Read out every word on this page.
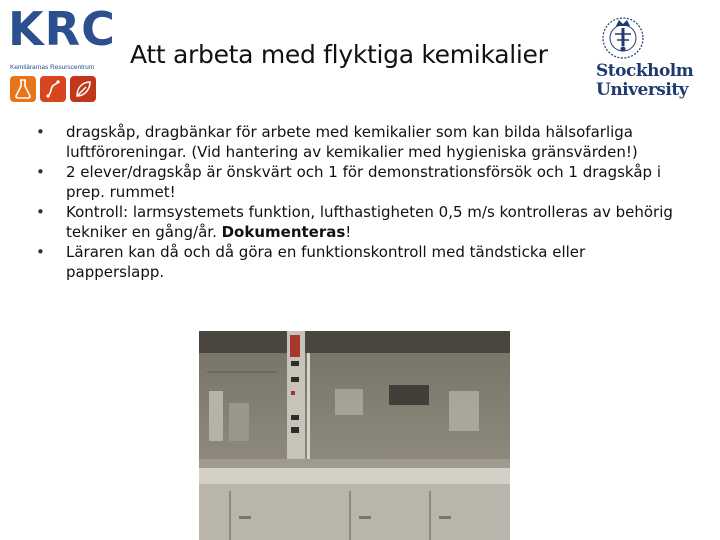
KRC
Kemilärarnas Resurscentrum Att arbeta med flyktiga kemikalier
Stockholm
University
• dragskåp, dragbänkar för arbete med kemikalier som kan bilda hälsofarliga luftföroreningar. (Vid hantering av kemikalier med hygieniska gränsvärden!)
• 2 elever/dragskåp är önskvärt och 1 för demonstrationsförsök och 1 dragskåp i prep. rummet!
• Kontroll: larmsystemets funktion, lufthastigheten 0,5 m/s kontrolleras av behörig tekniker en gång/år. Dokumenteras!
• Läraren kan då och då göra en funktionskontroll med tändsticka eller papperslapp.
